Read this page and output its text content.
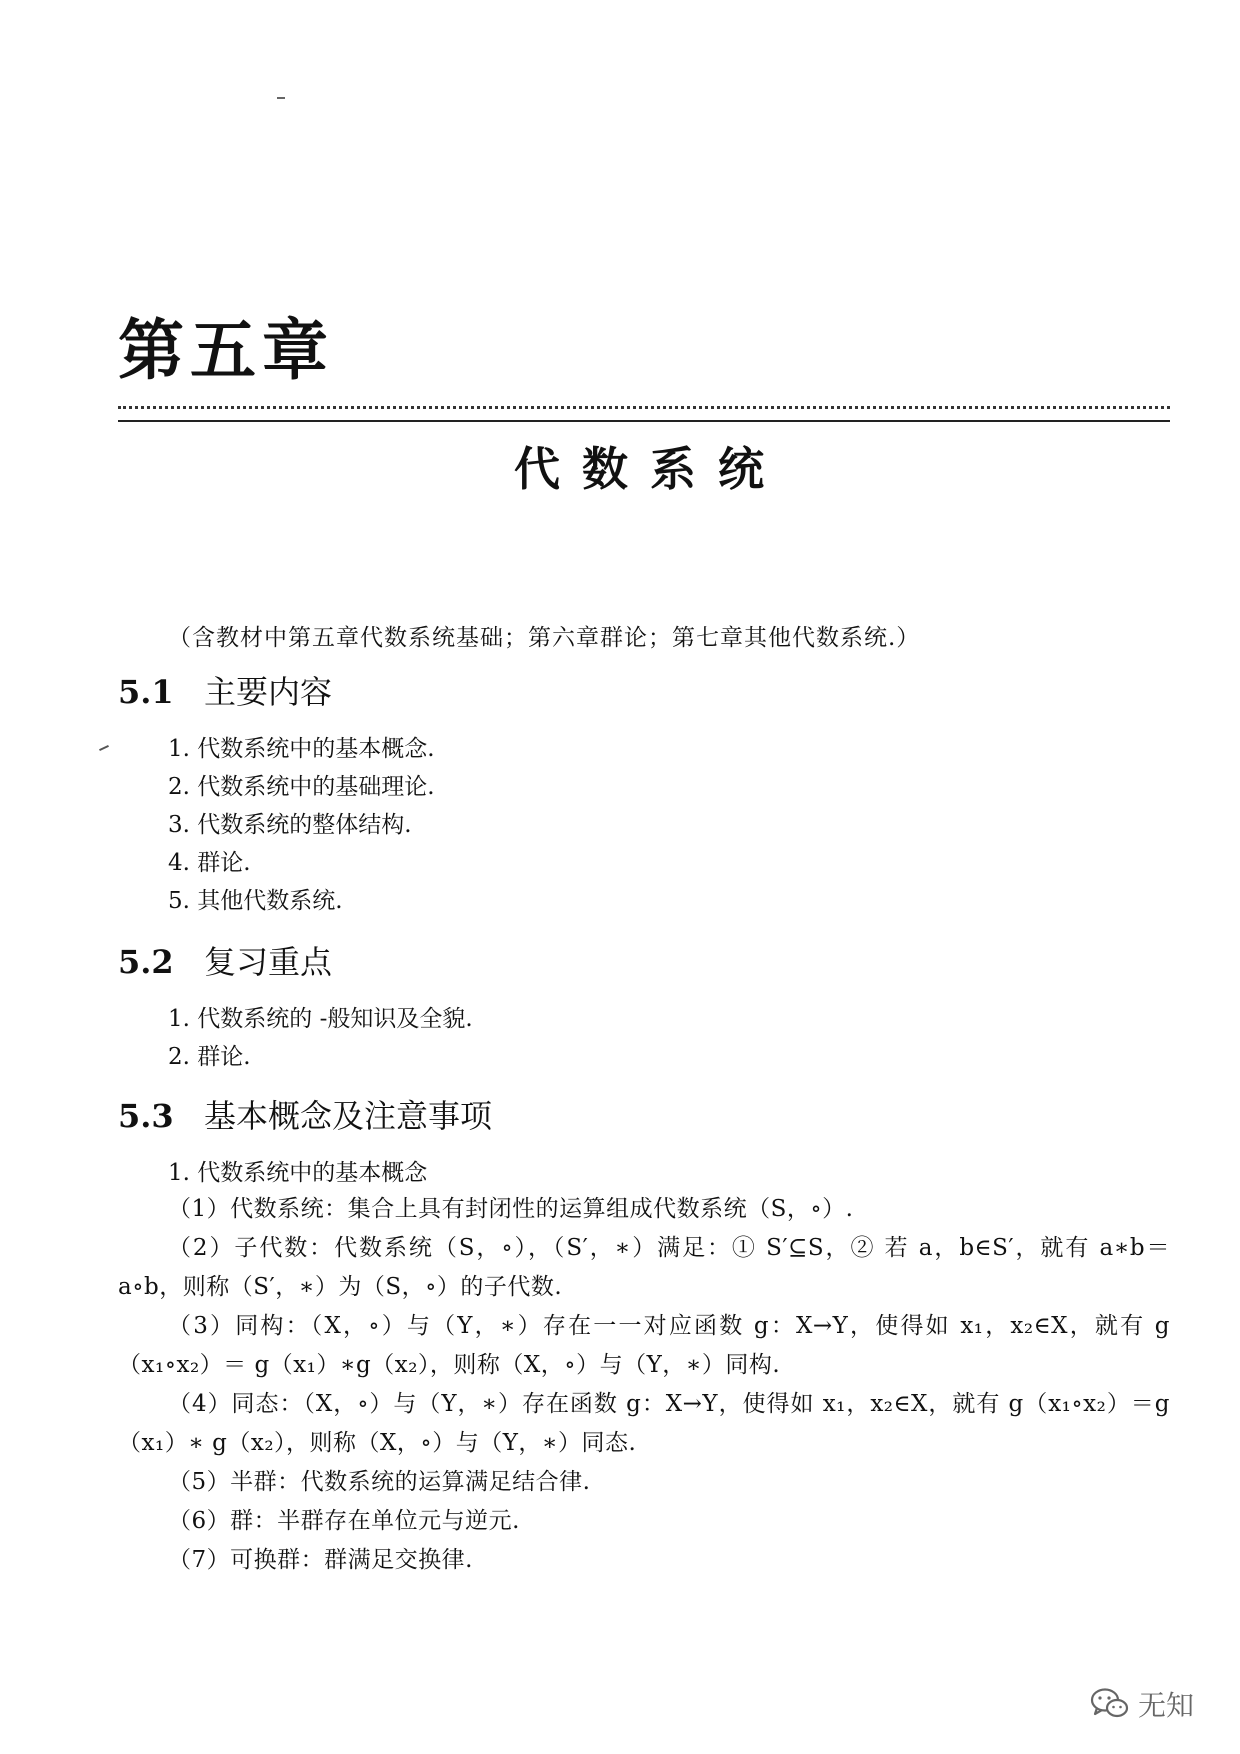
第五章
代数系统
（含教材中第五章代数系统基础；第六章群论；第七章其他代数系统.）
5.1 主要内容
1. 代数系统中的基本概念.
2. 代数系统中的基础理论.
3. 代数系统的整体结构.
4. 群论.
5. 其他代数系统.
5.2 复习重点
1. 代数系统的 -般知识及全貌.
2. 群论.
5.3 基本概念及注意事项
1. 代数系统中的基本概念
（1）代数系统：集合上具有封闭性的运算组成代数系统（S，∘）.
（2）子代数：代数系统（S，∘），（S′，∗）满足：① S′⊆S，② 若 a，b∈S′，就有 a∗b＝a∘b，则称（S′，∗）为（S，∘）的子代数.
（3）同构：（X，∘）与（Y，∗）存在一一对应函数 g：X→Y，使得如 x₁，x₂∈X，就有 g（x₁∘x₂）＝ g（x₁）∗g（x₂），则称（X，∘）与（Y，∗）同构.
（4）同态：（X，∘）与（Y，∗）存在函数 g：X→Y，使得如 x₁，x₂∈X，就有 g（x₁∘x₂）＝g（x₁）∗ g（x₂），则称（X，∘）与（Y，∗）同态.
（5）半群：代数系统的运算满足结合律.
（6）群：半群存在单位元与逆元.
（7）可换群：群满足交换律.
无知
